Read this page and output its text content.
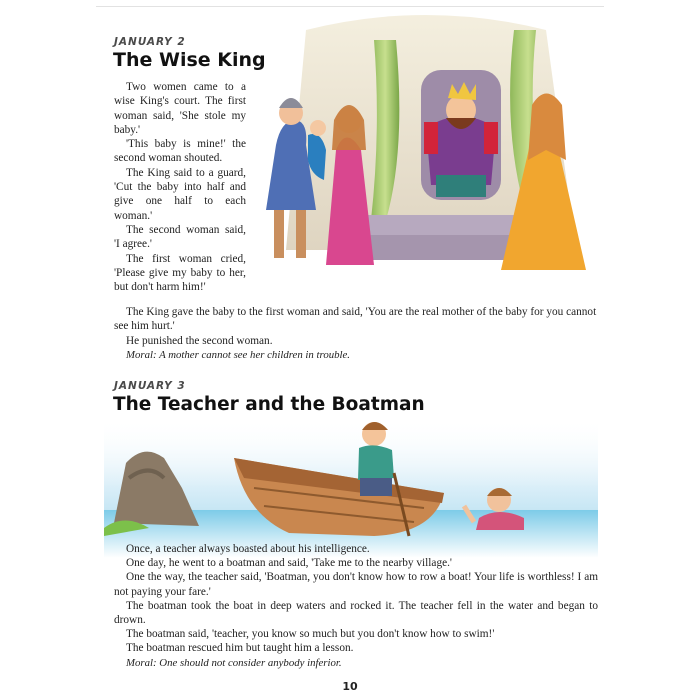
JANUARY 2
The Wise King

Two women came to a wise King's court. The first woman said, 'She stole my baby.'

'This baby is mine!' the second woman shouted.

The King said to a guard, 'Cut the baby into half and give one half to each woman.'

The second woman said, 'I agree.'

The first woman cried, 'Please give my baby to her, but don't harm him!'

The King gave the baby to the first woman and said, 'You are the real mother of the baby for you cannot see him hurt.'

He punished the second woman.

Moral: A mother cannot see her children in trouble.

JANUARY 3
The Teacher and the Boatman

Once, a teacher always boasted about his intelligence.

One day, he went to a boatman and said, 'Take me to the nearby village.'

One the way, the teacher said, 'Boatman, you don't know how to row a boat! Your life is worthless! I am not paying your fare.'

The boatman took the boat in deep waters and rocked it. The teacher fell in the water and began to drown.

The boatman said, 'teacher, you know so much but you don't know how to swim!'

The boatman rescued him but taught him a lesson.

Moral: One should not consider anybody inferior.

10
